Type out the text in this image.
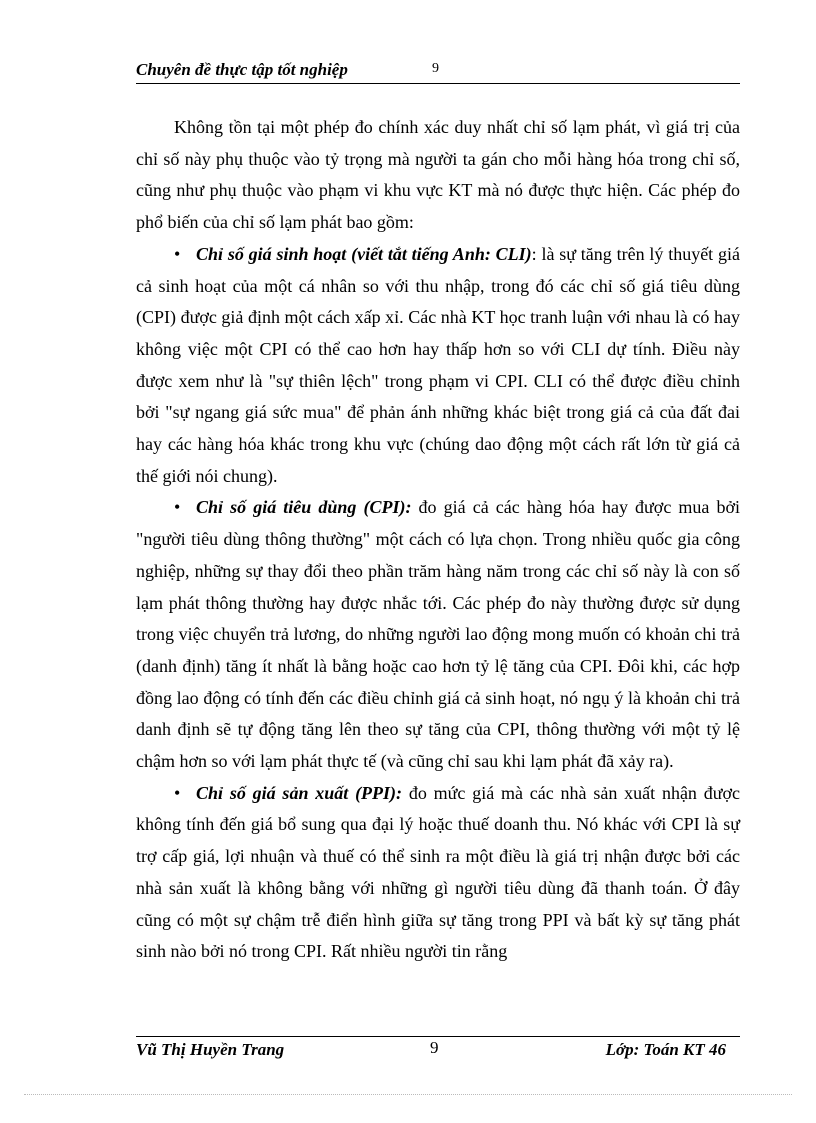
Chuyên đề thực tập tốt nghiệp	9

Không tồn tại một phép đo chính xác duy nhất chỉ số lạm phát, vì giá trị của chỉ số này phụ thuộc vào tỷ trọng mà người ta gán cho mỗi hàng hóa trong chỉ số, cũng như phụ thuộc vào phạm vi khu vực KT mà nó được thực hiện. Các phép đo phổ biến của chỉ số lạm phát bao gồm:

• Chỉ số giá sinh hoạt (viết tắt tiếng Anh: CLI): là sự tăng trên lý thuyết giá cả sinh hoạt của một cá nhân so với thu nhập, trong đó các chỉ số giá tiêu dùng (CPI) được giả định một cách xấp xỉ. Các nhà KT học tranh luận với nhau là có hay không việc một CPI có thể cao hơn hay thấp hơn so với CLI dự tính. Điều này được xem như là "sự thiên lệch" trong phạm vi CPI. CLI có thể được điều chỉnh bởi "sự ngang giá sức mua" để phản ánh những khác biệt trong giá cả của đất đai hay các hàng hóa khác trong khu vực (chúng dao động một cách rất lớn từ giá cả thế giới nói chung).

• Chỉ số giá tiêu dùng (CPI): đo giá cả các hàng hóa hay được mua bởi "người tiêu dùng thông thường" một cách có lựa chọn. Trong nhiều quốc gia công nghiệp, những sự thay đổi theo phần trăm hàng năm trong các chỉ số này là con số lạm phát thông thường hay được nhắc tới. Các phép đo này thường được sử dụng trong việc chuyển trả lương, do những người lao động mong muốn có khoản chi trả (danh định) tăng ít nhất là bằng hoặc cao hơn tỷ lệ tăng của CPI. Đôi khi, các hợp đồng lao động có tính đến các điều chỉnh giá cả sinh hoạt, nó ngụ ý là khoản chi trả danh định sẽ tự động tăng lên theo sự tăng của CPI, thông thường với một tỷ lệ chậm hơn so với lạm phát thực tế (và cũng chỉ sau khi lạm phát đã xảy ra).

• Chỉ số giá sản xuất (PPI): đo mức giá mà các nhà sản xuất nhận được không tính đến giá bổ sung qua đại lý hoặc thuế doanh thu. Nó khác với CPI là sự trợ cấp giá, lợi nhuận và thuế có thể sinh ra một điều là giá trị nhận được bởi các nhà sản xuất là không bằng với những gì người tiêu dùng đã thanh toán. Ở đây cũng có một sự chậm trễ điển hình giữa sự tăng trong PPI và bất kỳ sự tăng phát sinh nào bởi nó trong CPI. Rất nhiều người tin rằng

Vũ Thị Huyền Trang	9	Lớp: Toán KT 46
